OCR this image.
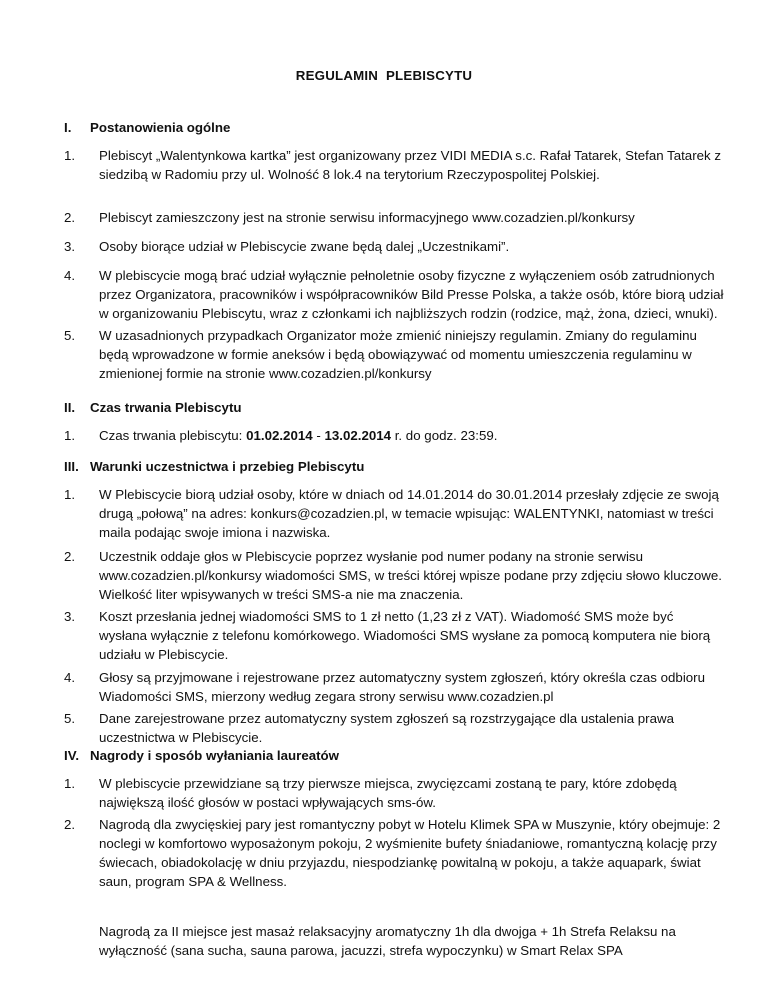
REGULAMIN PLEBISCYTU
I. Postanowienia ogólne
1. Plebiscyt „Walentynkowa kartka” jest organizowany przez VIDI MEDIA s.c. Rafał Tatarek, Stefan Tatarek z siedzibą w Radomiu przy ul. Wolność 8 lok.4 na terytorium Rzeczypospolitej Polskiej.
2. Plebiscyt zamieszczony jest na stronie serwisu informacyjnego www.cozadzien.pl/konkursy
3. Osoby biorące udział w Plebiscycie zwane będą dalej „Uczestnikami”.
4. W plebiscycie mogą brać udział wyłącznie pełnoletnie osoby fizyczne z wyłączeniem osób zatrudnionych przez Organizatora, pracowników i współpracowników Bild Presse Polska, a także osób, które biorą udział w organizowaniu Plebiscytu, wraz z członkami ich najbliższych rodzin (rodzice, mąż, żona, dzieci, wnuki).
5. W uzasadnionych przypadkach Organizator może zmienić niniejszy regulamin. Zmiany do regulaminu będą wprowadzone w formie aneksów i będą obowiązywać od momentu umieszczenia regulaminu w zmienionej formie na stronie www.cozadzien.pl/konkursy
II. Czas trwania Plebiscytu
1. Czas trwania plebiscytu: 01.02.2014 - 13.02.2014 r. do godz. 23:59.
III. Warunki uczestnictwa i przebieg Plebiscytu
1. W Plebiscycie biorą udział osoby, które w dniach od 14.01.2014 do 30.01.2014 przesłały zdjęcie ze swoją drugą „połową” na adres: konkurs@cozadzien.pl, w temacie wpisując: WALENTYNKI, natomiast w treści maila podając swoje imiona i nazwiska.
2. Uczestnik oddaje głos w Plebiscycie poprzez wysłanie pod numer podany na stronie serwisu www.cozadzien.pl/konkursy wiadomości SMS, w treści której wpisze podane przy zdjęciu słowo kluczowe. Wielkość liter wpisywanych w treści SMS-a nie ma znaczenia.
3. Koszt przesłania jednej wiadomości SMS to 1 zł netto (1,23 zł z VAT). Wiadomość SMS może być wysłana wyłącznie z telefonu komórkowego. Wiadomości SMS wysłane za pomocą komputera nie biorą udziału w Plebiscycie.
4. Głosy są przyjmowane i rejestrowane przez automatyczny system zgłoszeń, który określa czas odbioru Wiadomości SMS, mierzony według zegara strony serwisu www.cozadzien.pl
5. Dane zarejestrowane przez automatyczny system zgłoszeń są rozstrzygające dla ustalenia prawa uczestnictwa w Plebiscycie.
IV. Nagrody i sposób wyłaniania laureatów
1. W plebiscycie przewidziane są trzy pierwsze miejsca, zwycięzcami zostaną te pary, które zdobędą największą ilość głosów w postaci wpływających sms-ów.
2. Nagrodą dla zwycięskiej pary jest romantyczny pobyt w Hotelu Klimek SPA w Muszynie, który obejmuje: 2 noclegi w komfortowo wyposażonym pokoju, 2 wyśmienite bufety śniadaniowe, romantyczną kolację przy świecach, obiadokolację w dniu przyjazdu, niespodziankę powitalną w pokoju, a także aquapark, świat saun, program SPA & Wellness.
Nagrodą za II miejsce jest masaż relaksacyjny aromatyczny 1h dla dwojga + 1h Strefa Relaksu na wyłączność (sana sucha, sauna parowa, jacuzzi, strefa wypoczynku) w Smart Relax SPA
